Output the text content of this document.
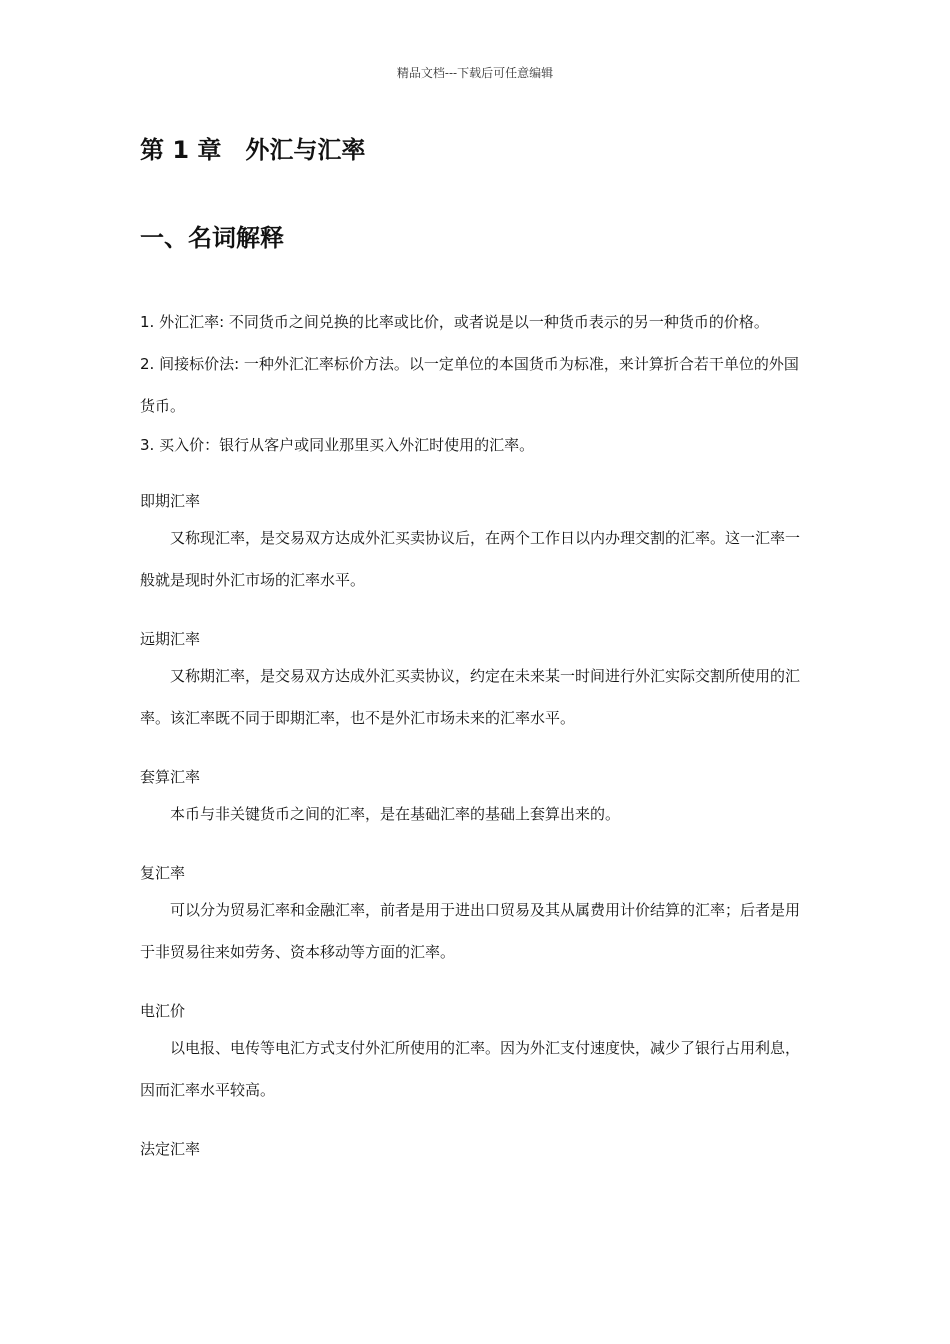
精品文档---下载后可任意编辑
第 1 章　外汇与汇率
一、名词解释

1. 外汇汇率: 不同货币之间兑换的比率或比价，或者说是以一种货币表示的另一种货币的价格。

2. 间接标价法: 一种外汇汇率标价方法。以一定单位的本国货币为标准，来计算折合若干单位的外国货币。

3. 买入价：银行从客户或同业那里买入外汇时使用的汇率。

即期汇率

又称现汇率，是交易双方达成外汇买卖协议后，在两个工作日以内办理交割的汇率。这一汇率一般就是现时外汇市场的汇率水平。

远期汇率

又称期汇率，是交易双方达成外汇买卖协议，约定在未来某一时间进行外汇实际交割所使用的汇率。该汇率既不同于即期汇率，也不是外汇市场未来的汇率水平。

套算汇率

本币与非关键货币之间的汇率，是在基础汇率的基础上套算出来的。

复汇率

可以分为贸易汇率和金融汇率，前者是用于进出口贸易及其从属费用计价结算的汇率；后者是用于非贸易往来如劳务、资本移动等方面的汇率。

电汇价

以电报、电传等电汇方式支付外汇所使用的汇率。因为外汇支付速度快，减少了银行占用利息，因而汇率水平较高。

法定汇率
